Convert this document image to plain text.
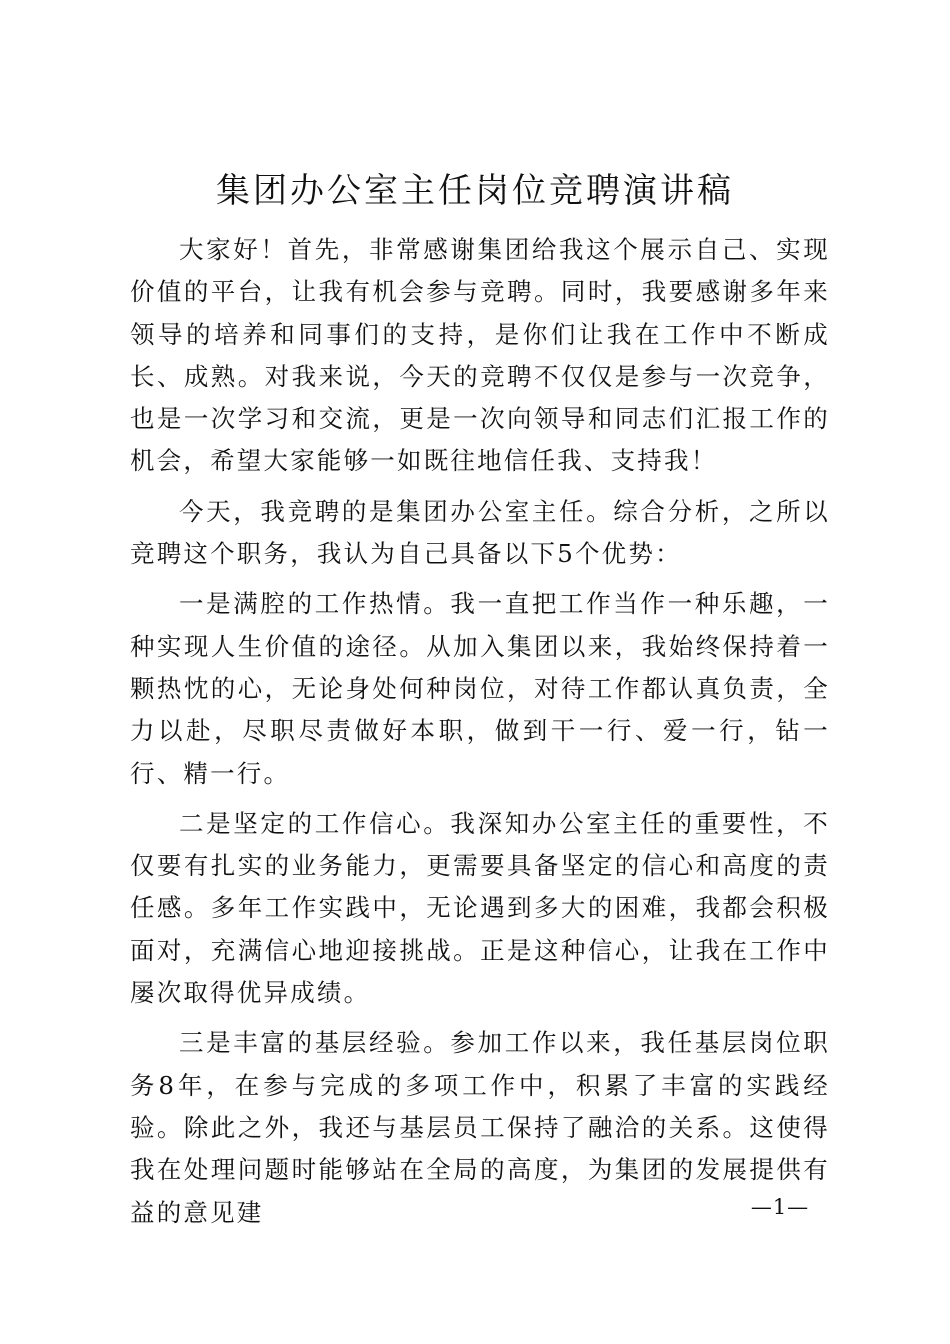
集团办公室主任岗位竞聘演讲稿

大家好！首先，非常感谢集团给我这个展示自己、实现价值的平台，让我有机会参与竞聘。同时，我要感谢多年来领导的培养和同事们的支持，是你们让我在工作中不断成长、成熟。对我来说，今天的竞聘不仅仅是参与一次竞争，也是一次学习和交流，更是一次向领导和同志们汇报工作的机会，希望大家能够一如既往地信任我、支持我！

今天，我竞聘的是集团办公室主任。综合分析，之所以竞聘这个职务，我认为自己具备以下5个优势：

一是满腔的工作热情。我一直把工作当作一种乐趣，一种实现人生价值的途径。从加入集团以来，我始终保持着一颗热忱的心，无论身处何种岗位，对待工作都认真负责，全力以赴，尽职尽责做好本职，做到干一行、爱一行，钻一行、精一行。

二是坚定的工作信心。我深知办公室主任的重要性，不仅要有扎实的业务能力，更需要具备坚定的信心和高度的责任感。多年工作实践中，无论遇到多大的困难，我都会积极面对，充满信心地迎接挑战。正是这种信心，让我在工作中屡次取得优异成绩。

三是丰富的基层经验。参加工作以来，我任基层岗位职务8年，在参与完成的多项工作中，积累了丰富的实践经验。除此之外，我还与基层员工保持了融洽的关系。这使得我在处理问题时能够站在全局的高度，为集团的发展提供有益的意见建	—1—
